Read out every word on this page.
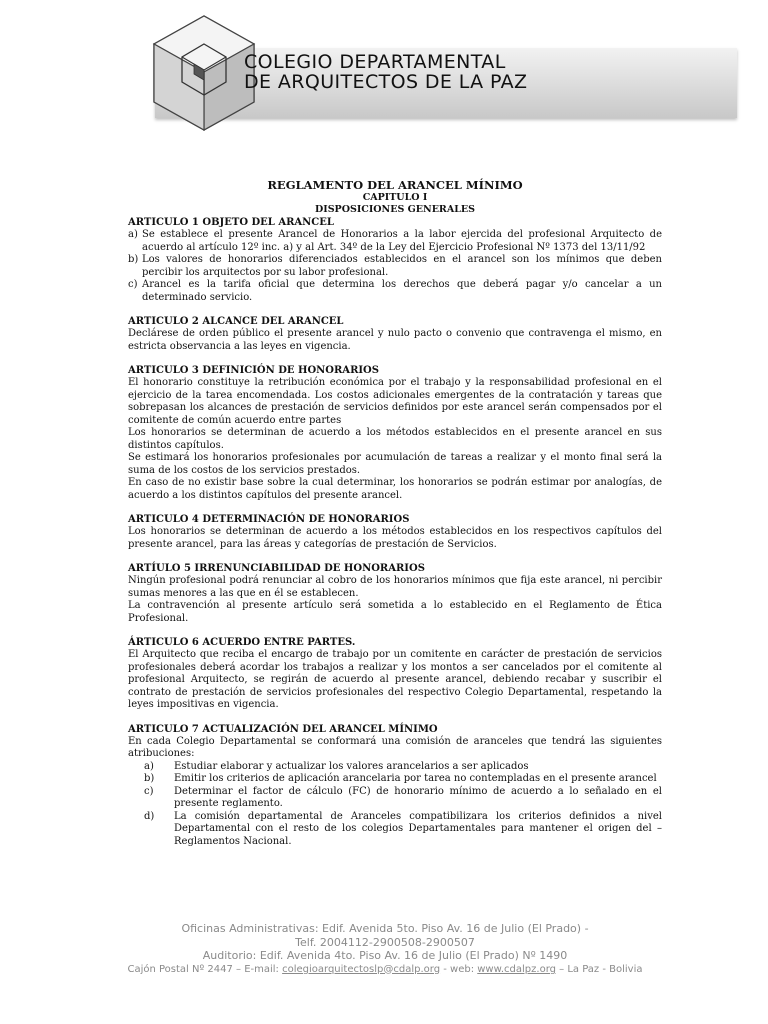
COLEGIO DEPARTAMENTAL
DE ARQUITECTOS DE LA PAZ
REGLAMENTO DEL ARANCEL MÍNIMO
CAPITULO I
DISPOSICIONES GENERALES
ARTICULO 1 OBJETO DEL ARANCEL
a) Se establece el presente Arancel de Honorarios a la labor ejercida del profesional Arquitecto de acuerdo al artículo 12º inc. a) y al Art. 34º de la Ley del Ejercicio Profesional Nº 1373 del 13/11/92
b) Los valores de honorarios diferenciados establecidos en el arancel son los mínimos que deben percibir los arquitectos por su labor profesional.
c) Arancel es la tarifa oficial que determina los derechos que deberá pagar y/o cancelar a un determinado servicio.
ARTICULO 2 ALCANCE DEL ARANCEL

Declárese de orden público el presente arancel y nulo pacto o convenio que contravenga el mismo, en estricta observancia a las leyes en vigencia.

ARTICULO 3 DEFINICIÓN DE HONORARIOS

El honorario constituye la retribución económica por el trabajo y la responsabilidad profesional en el ejercicio de la tarea encomendada. Los costos adicionales emergentes de la contratación y tareas que sobrepasan los alcances de prestación de servicios definidos por este arancel serán compensados por el comitente de común acuerdo entre partes

Los honorarios se determinan de acuerdo a los métodos establecidos en el presente arancel en sus distintos capítulos.

Se estimará los honorarios profesionales por acumulación de tareas a realizar y el monto final será la suma de los costos de los servicios prestados.

En caso de no existir base sobre la cual determinar, los honorarios se podrán estimar por analogías, de acuerdo a los distintos capítulos del presente arancel.

ARTICULO 4 DETERMINACIÓN DE HONORARIOS

Los honorarios se determinan de acuerdo a los métodos establecidos en los respectivos capítulos del presente arancel, para las áreas y categorías de prestación de Servicios.

ARTÍULO 5 IRRENUNCIABILIDAD DE HONORARIOS

Ningún profesional podrá renunciar al cobro de los honorarios mínimos que fija este arancel, ni percibir sumas menores a las que en él se establecen.

La contravención al presente artículo será sometida a lo establecido en el Reglamento de Ética Profesional.

ÁRTICULO 6 ACUERDO ENTRE PARTES.

El Arquitecto que reciba el encargo de trabajo por un comitente en carácter de prestación de servicios profesionales deberá acordar los trabajos a realizar y los montos a ser cancelados por el comitente al profesional Arquitecto, se regirán de acuerdo al presente arancel, debiendo recabar y suscribir el contrato de prestación de servicios profesionales del respectivo Colegio Departamental, respetando la leyes impositivas en vigencia.

ARTICULO 7 ACTUALIZACIÓN DEL ARANCEL MÍNIMO

En cada Colegio Departamental se conformará una comisión de aranceles que tendrá las siguientes atribuciones:

a)	Estudiar elaborar y actualizar los valores arancelarios a ser aplicados
b)	Emitir los criterios de aplicación arancelaria por tarea no contempladas en el presente arancel
c)	Determinar el factor de cálculo (FC) de honorario mínimo de acuerdo a lo señalado en el presente reglamento.
d)	La comisión departamental de Aranceles compatibilizara los criterios definidos a nivel Departamental con el resto de los colegios Departamentales para mantener el origen del – Reglamentos Nacional.
Oficinas Administrativas: Edif. Avenida 5to. Piso Av. 16 de Julio (El Prado) -
Telf. 2004112-2900508-2900507
Auditorio: Edif. Avenida 4to. Piso Av. 16 de Julio (El Prado) Nº 1490
Cajón Postal Nº 2447 – E-mail: colegioarquitectoslp@cdalp.org - web: www.cdalpz.org – La Paz - Bolivia
